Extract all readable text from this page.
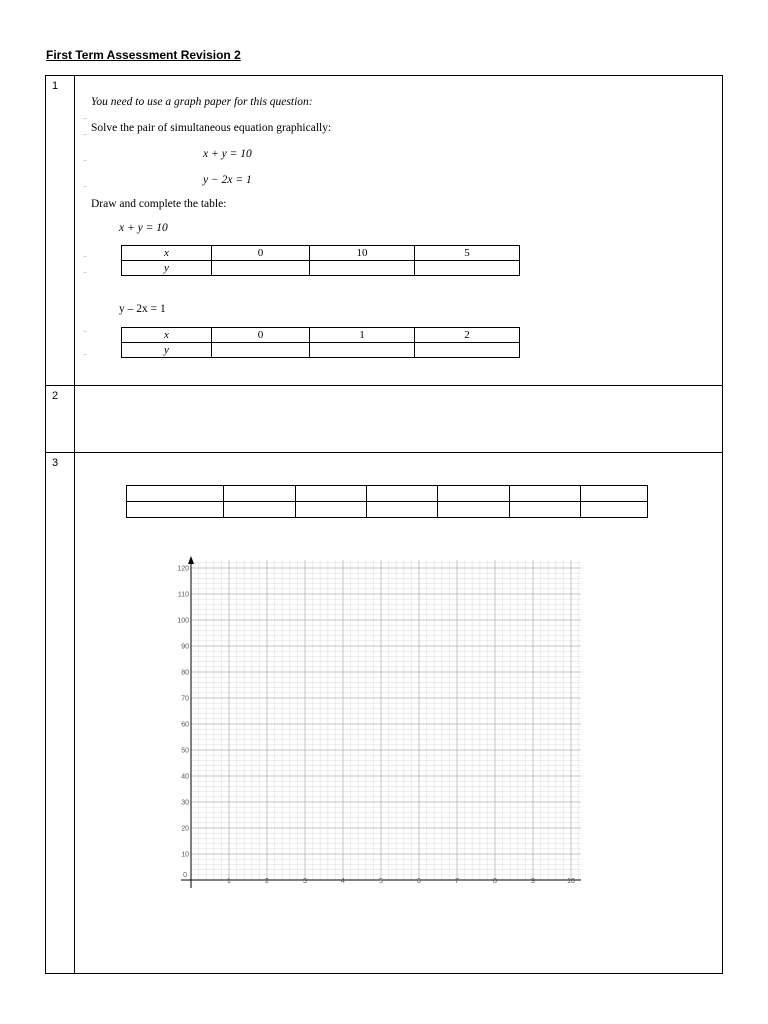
First Term Assessment Revision 2
1
You need to use a graph paper for this question:
Solve the pair of simultaneous equation graphically:
x + y = 10
y − 2x = 1
Draw and complete the table:
x + y = 10
x	0	10	5
y			
y – 2x = 1
x	0	1	2
y			
2
3

120
110
100
90
80
70
60
50
40
30
20
10
0
1	2	3	4	5	6	7	8	9	10
